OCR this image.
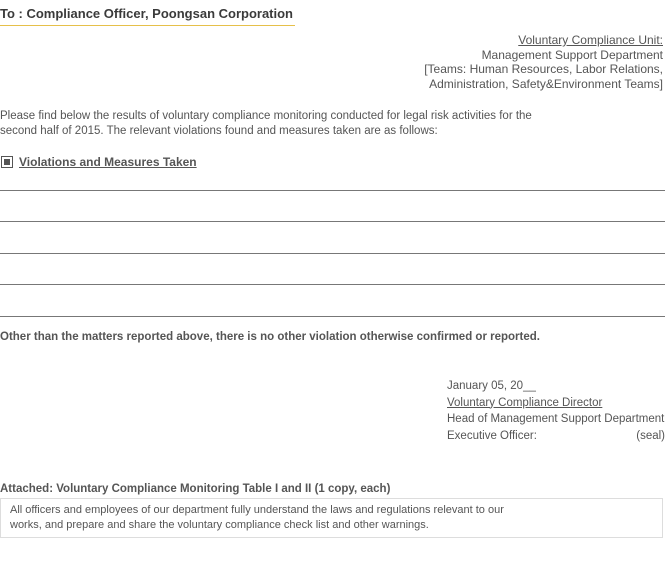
To : Compliance Officer, Poongsan Corporation
Voluntary Compliance Unit:
Management Support Department
[Teams: Human Resources, Labor Relations,
Administration, Safety&Environment Teams]
Please find below the results of voluntary compliance monitoring conducted for legal risk activities for the
second half of 2015. The relevant violations found and measures taken are as follows:
Violations and Measures Taken
Other than the matters reported above, there is no other violation otherwise confirmed or reported.
January 05, 20__
Voluntary Compliance Director
Head of Management Support Department
Executive Officer:	(seal)
Attached: Voluntary Compliance Monitoring Table I and II (1 copy, each)
All officers and employees of our department fully understand the laws and regulations relevant to our
works, and prepare and share the voluntary compliance check list and other warnings.
